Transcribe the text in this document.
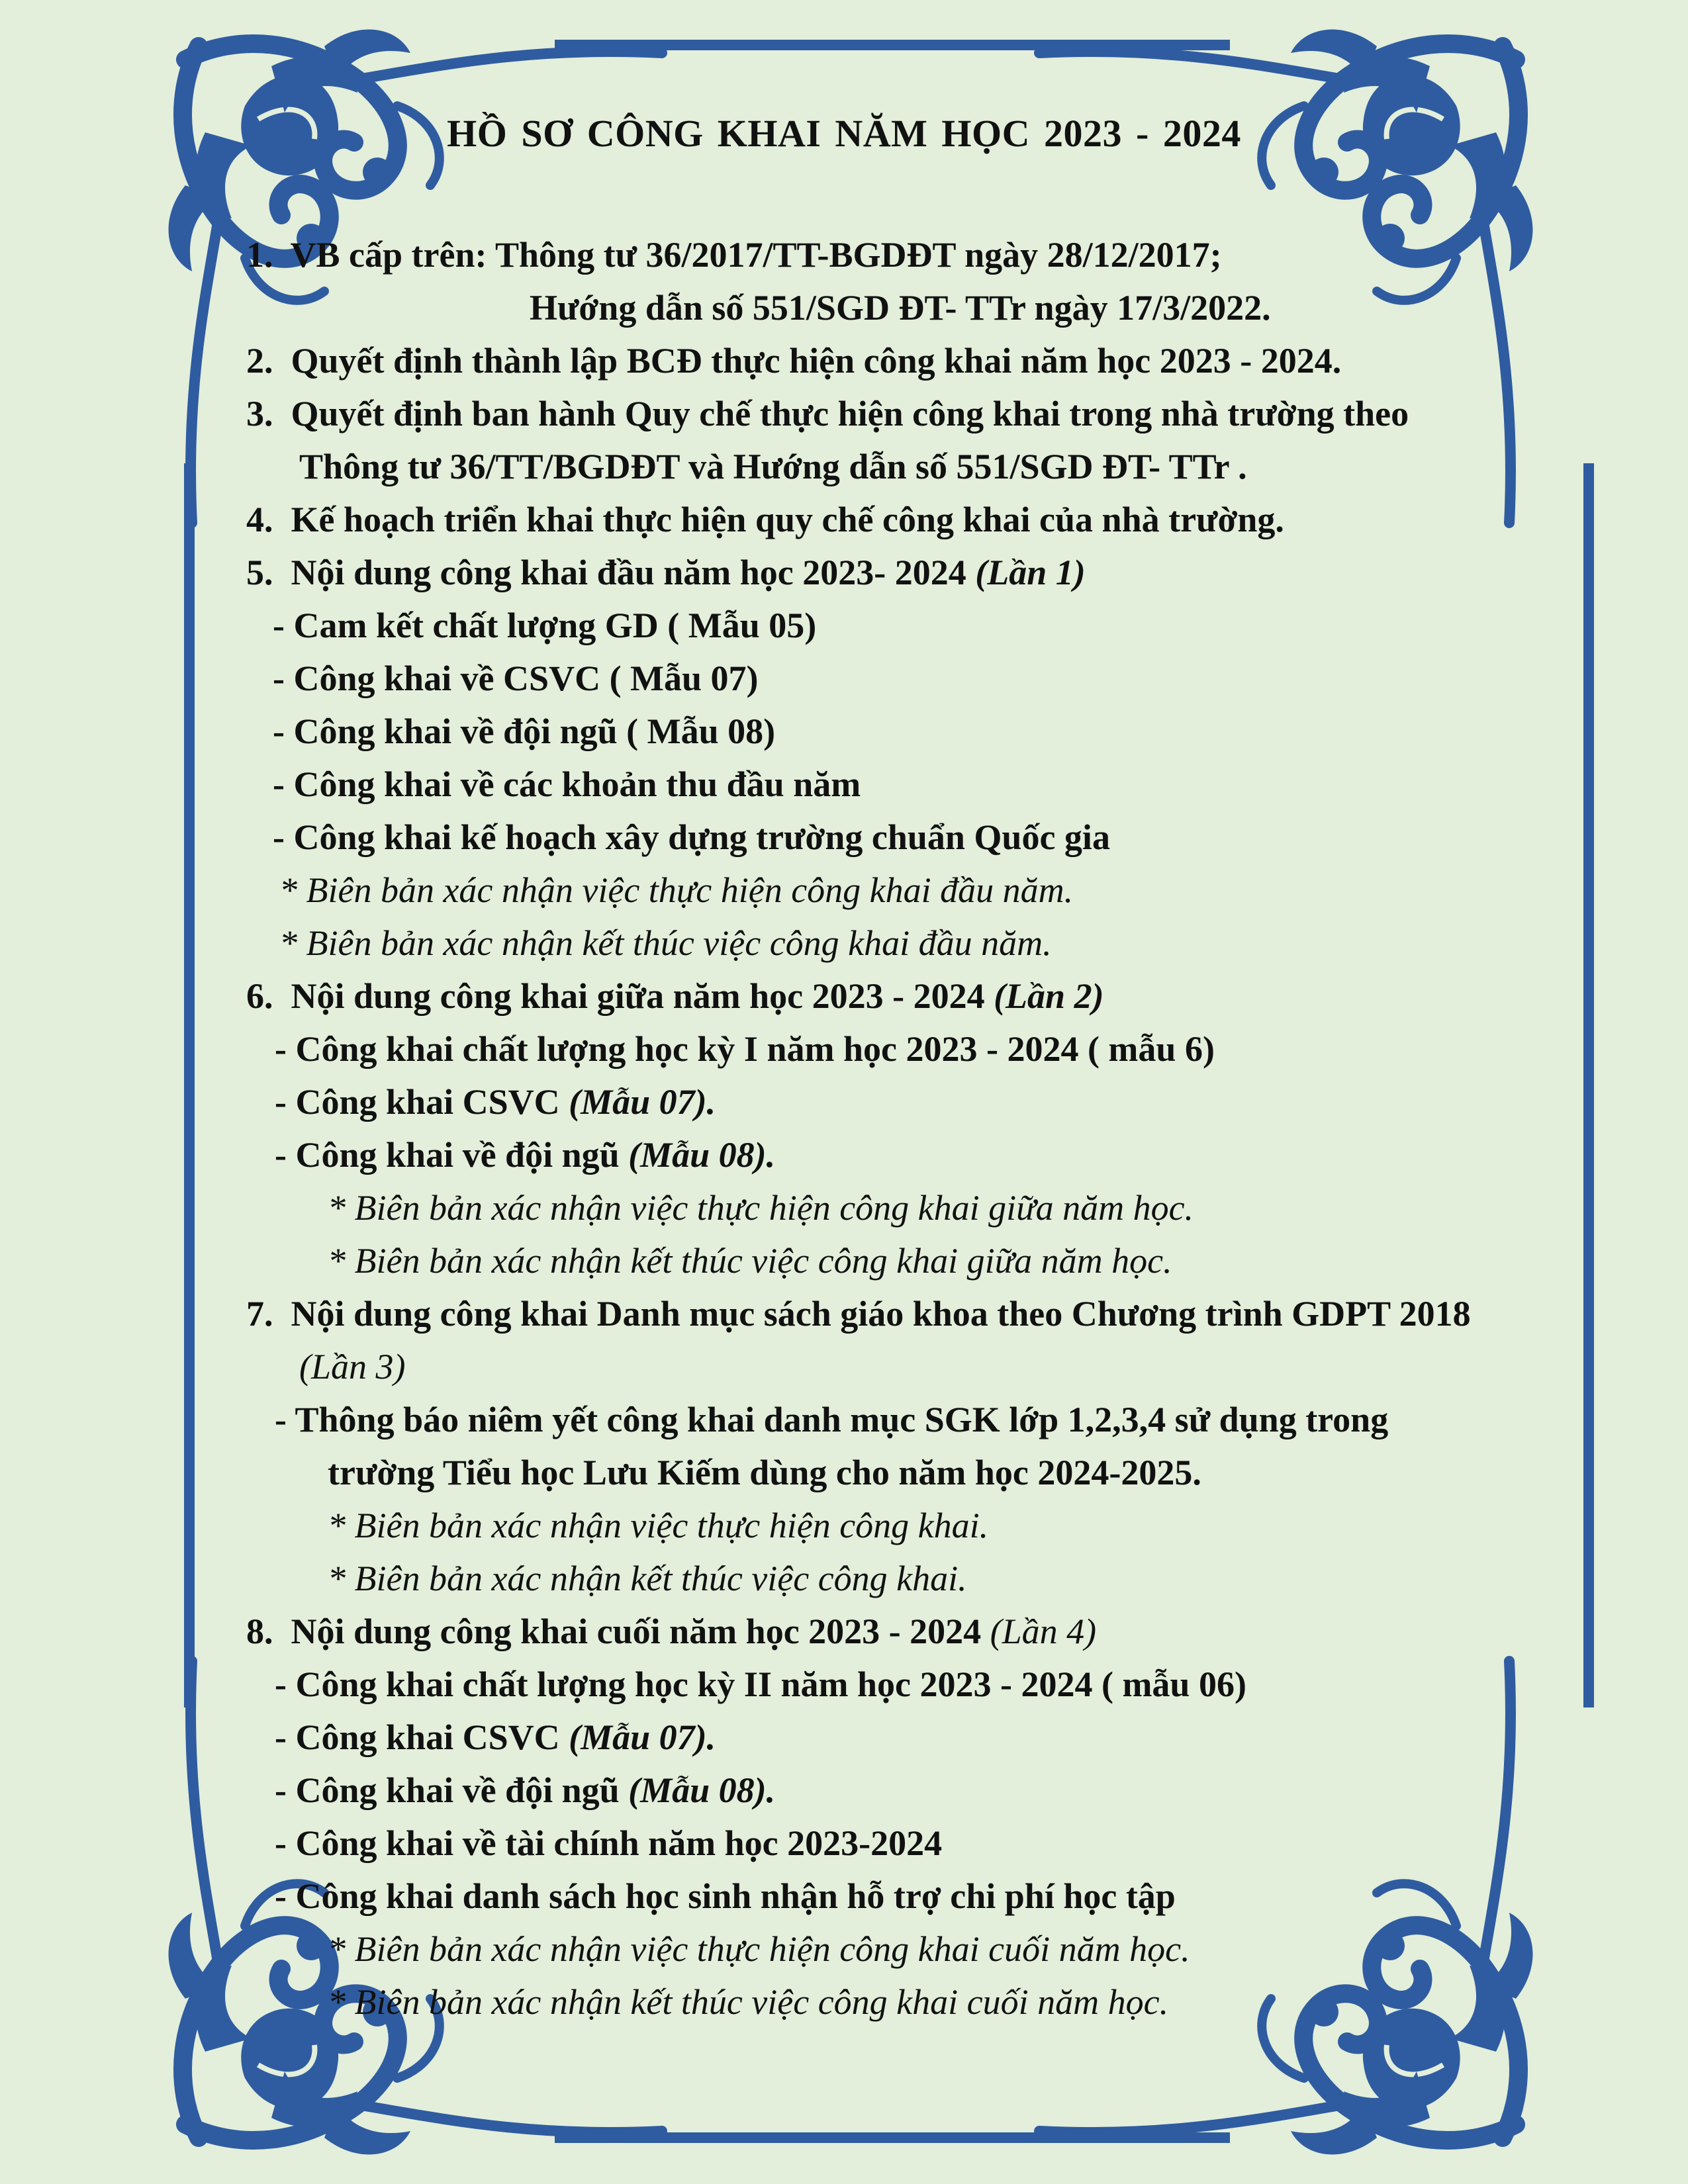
HỒ SƠ CÔNG KHAI NĂM HỌC 2023 - 2024
1. VB cấp trên: Thông tư 36/2017/TT-BGDĐT ngày 28/12/2017;
Hướng dẫn số 551/SGD ĐT- TTr ngày 17/3/2022.
2. Quyết định thành lập BCĐ thực hiện công khai năm học 2023 - 2024.
3. Quyết định ban hành Quy chế thực hiện công khai trong nhà trường theo
Thông tư 36/TT/BGDĐT và Hướng dẫn số 551/SGD ĐT- TTr .
4.  Kế hoạch triển khai thực hiện quy chế công khai của nhà trường.
5. Nội dung công khai đầu năm học 2023- 2024 (Lần 1)
- Cam kết chất lượng GD ( Mẫu 05)
- Công khai về CSVC ( Mẫu 07)
- Công khai về đội ngũ ( Mẫu 08)
- Công khai về các khoản thu đầu năm
- Công khai kế hoạch xây dựng trường chuẩn Quốc gia
* Biên bản xác nhận việc thực hiện công khai đầu năm.
* Biên bản xác nhận kết thúc việc công khai đầu năm.
6. Nội dung công khai giữa năm học 2023 - 2024 (Lần 2)
- Công khai chất lượng học kỳ I năm học 2023 - 2024 ( mẫu 6)
- Công khai CSVC (Mẫu 07).
- Công khai về đội ngũ (Mẫu 08).
* Biên bản xác nhận việc thực hiện công khai giữa năm học.
* Biên bản xác nhận kết thúc việc công khai giữa năm học.
7. Nội dung công khai Danh mục sách giáo khoa theo Chương trình GDPT 2018
(Lần 3)
- Thông báo niêm yết công khai danh mục SGK lớp 1,2,3,4 sử dụng trong
trường Tiểu học Lưu Kiếm dùng cho năm học 2024-2025.
* Biên bản xác nhận việc thực hiện công khai.
* Biên bản xác nhận kết thúc việc công khai.
8. Nội dung công khai cuối năm học 2023 - 2024 (Lần 4)
- Công khai chất lượng học kỳ II năm học 2023 - 2024 ( mẫu 06)
- Công khai CSVC (Mẫu 07).
- Công khai về đội ngũ (Mẫu 08).
- Công khai về tài chính năm học 2023-2024
- Công khai danh sách học sinh nhận hỗ trợ chi phí học tập
* Biên bản xác nhận việc thực hiện công khai cuối năm học.
* Biên bản xác nhận kết thúc việc công khai cuối năm học.
